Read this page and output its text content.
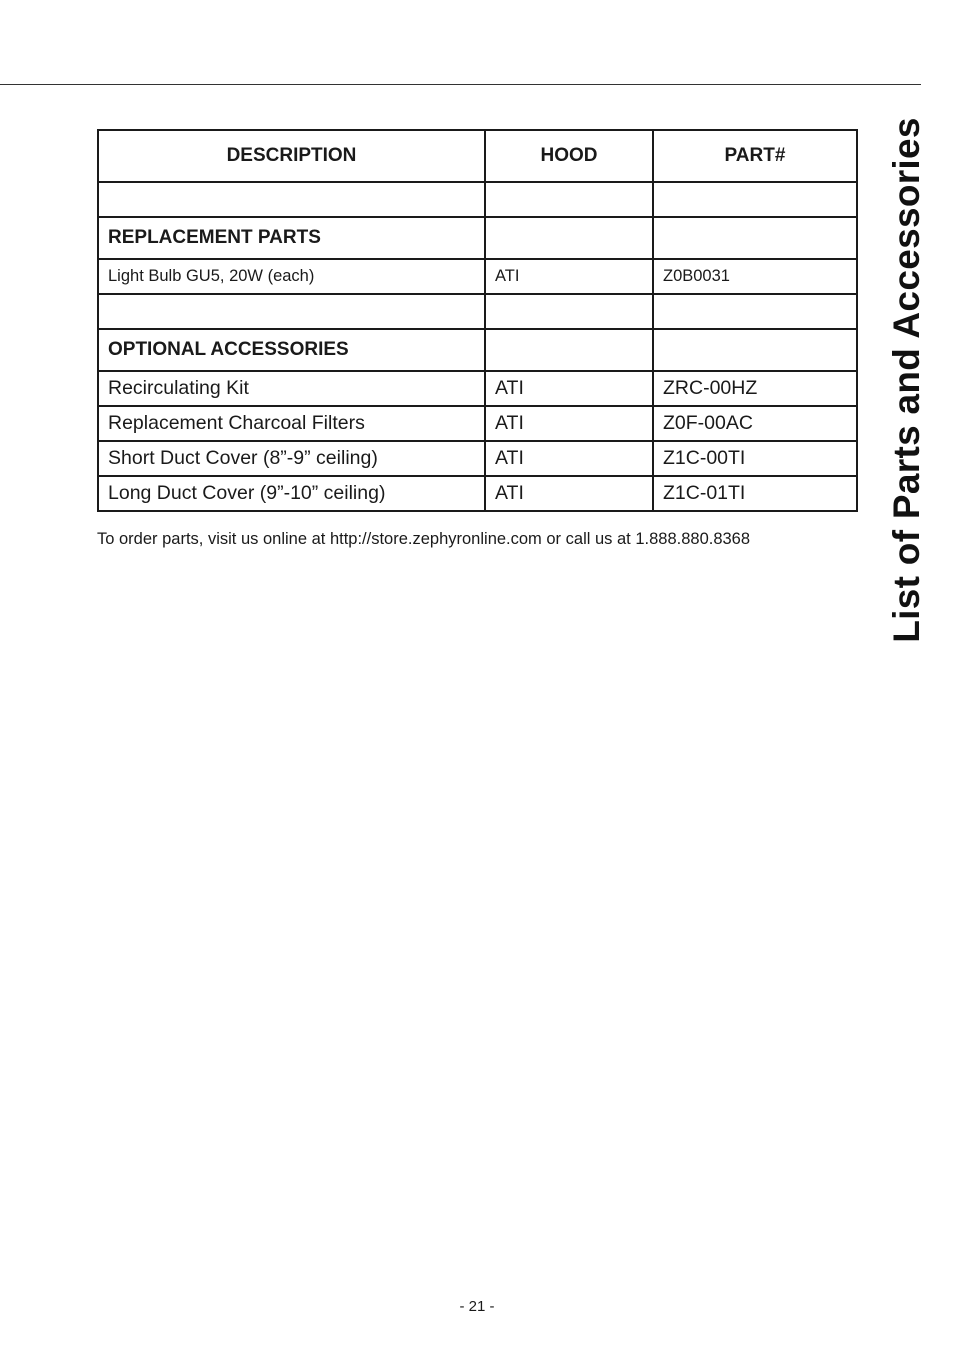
List of Parts and Accessories
DESCRIPTION	HOOD	PART#

REPLACEMENT PARTS		
Light Bulb GU5, 20W (each)	ATI	Z0B0031

OPTIONAL ACCESSORIES		
Recirculating Kit	ATI	ZRC-00HZ
Replacement Charcoal Filters	ATI	Z0F-00AC
Short Duct Cover (8”-9” ceiling)	ATI	Z1C-00TI
Long Duct Cover (9”-10” ceiling)	ATI	Z1C-01TI
To order parts, visit us online at http://store.zephyronline.com or call us at 1.888.880.8368
- 21 -
